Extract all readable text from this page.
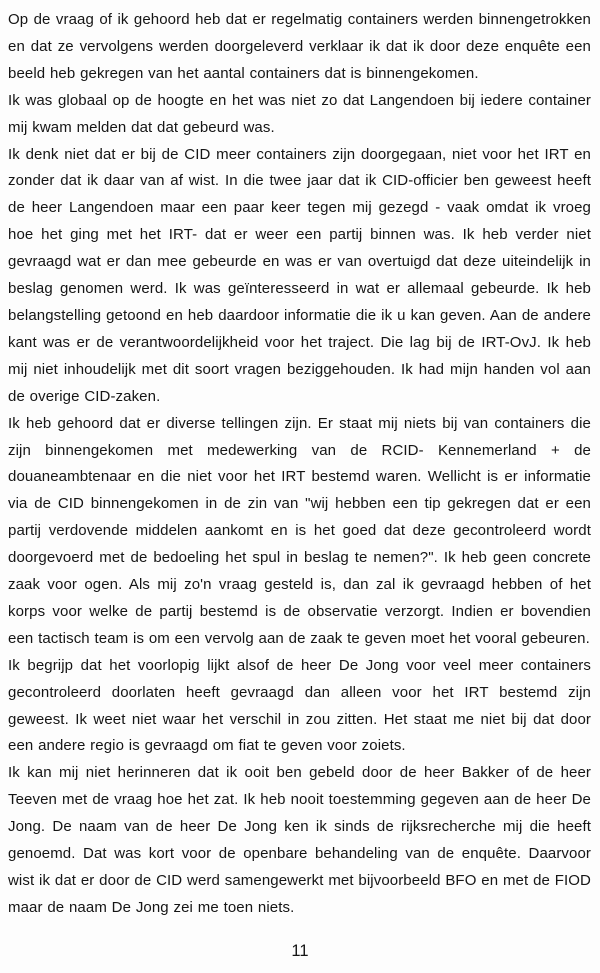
Op de vraag of ik gehoord heb dat er regelmatig containers werden binnengetrokken en dat ze vervolgens werden doorgeleverd verklaar ik dat ik door deze enquête een beeld heb gekregen van het aantal containers dat is binnengekomen.

Ik was globaal op de hoogte en het was niet zo dat Langendoen bij iedere container mij kwam melden dat dat gebeurd was.

Ik denk niet dat er bij de CID meer containers zijn doorgegaan, niet voor het IRT en zonder dat ik daar van af wist. In die twee jaar dat ik CID-officier ben geweest heeft de heer Langendoen maar een paar keer tegen mij gezegd - vaak omdat ik vroeg hoe het ging met het IRT- dat er weer een partij binnen was. Ik heb verder niet gevraagd wat er dan mee gebeurde en was er van overtuigd dat deze uiteindelijk in beslag genomen werd. Ik was geïnteresseerd in wat er allemaal gebeurde. Ik heb belangstelling getoond en heb daardoor informatie die ik u kan geven. Aan de andere kant was er de verantwoordelijkheid voor het traject. Die lag bij de IRT-OvJ. Ik heb mij niet inhoudelijk met dit soort vragen beziggehouden. Ik had mijn handen vol aan de overige CID-zaken.

Ik heb gehoord dat er diverse tellingen zijn. Er staat mij niets bij van containers die zijn binnengekomen met medewerking van de RCID- Kennemerland + de douaneambtenaar en die niet voor het IRT bestemd waren. Wellicht is er informatie via de CID binnengekomen in de zin van "wij hebben een tip gekregen dat er een partij verdovende middelen aankomt en is het goed dat deze gecontroleerd wordt doorgevoerd met de bedoeling het spul in beslag te nemen?". Ik heb geen concrete zaak voor ogen. Als mij zo'n vraag gesteld is, dan zal ik gevraagd hebben of het korps voor welke de partij bestemd is de observatie verzorgt. Indien er bovendien een tactisch team is om een vervolg aan de zaak te geven moet het vooral gebeuren.

Ik begrijp dat het voorlopig lijkt alsof de heer De Jong voor veel meer containers gecontroleerd doorlaten heeft gevraagd dan alleen voor het IRT bestemd zijn geweest. Ik weet niet waar het verschil in zou zitten. Het staat me niet bij dat door een andere regio is gevraagd om fiat te geven voor zoiets.

Ik kan mij niet herinneren dat ik ooit ben gebeld door de heer Bakker of de heer Teeven met de vraag hoe het zat. Ik heb nooit toestemming gegeven aan de heer De Jong. De naam van de heer De Jong ken ik sinds de rijksrecherche mij die heeft genoemd. Dat was kort voor de openbare behandeling van de enquête. Daarvoor wist ik dat er door de CID werd samengewerkt met bijvoorbeeld BFO en met de FIOD maar de naam De Jong zei me toen niets.

11
